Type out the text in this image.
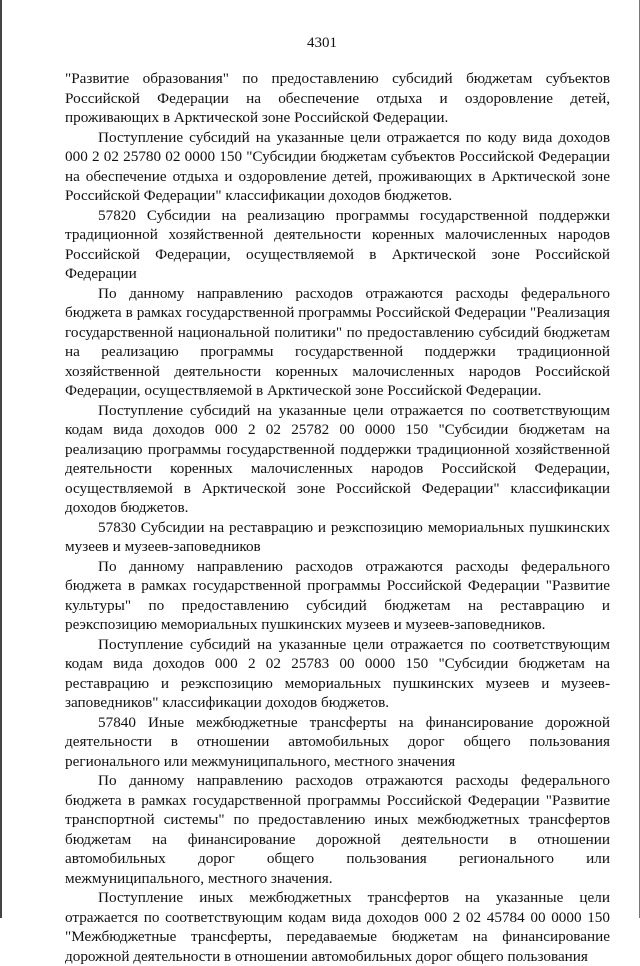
4301

"Развитие образования" по предоставлению субсидий бюджетам субъектов Российской Федерации на обеспечение отдыха и оздоровление детей, проживающих в Арктической зоне Российской Федерации.

Поступление субсидий на указанные цели отражается по коду вида доходов 000 2 02 25780 02 0000 150 "Субсидии бюджетам субъектов Российской Федерации на обеспечение отдыха и оздоровление детей, проживающих в Арктической зоне Российской Федерации" классификации доходов бюджетов.

57820 Субсидии на реализацию программы государственной поддержки традиционной хозяйственной деятельности коренных малочисленных народов Российской Федерации, осуществляемой в Арктической зоне Российской Федерации

По данному направлению расходов отражаются расходы федерального бюджета в рамках государственной программы Российской Федерации "Реализация государственной национальной политики" по предоставлению субсидий бюджетам на реализацию программы государственной поддержки традиционной хозяйственной деятельности коренных малочисленных народов Российской Федерации, осуществляемой в Арктической зоне Российской Федерации.

Поступление субсидий на указанные цели отражается по соответствующим кодам вида доходов 000 2 02 25782 00 0000 150 "Субсидии бюджетам на реализацию программы государственной поддержки традиционной хозяйственной деятельности коренных малочисленных народов Российской Федерации, осуществляемой в Арктической зоне Российской Федерации" классификации доходов бюджетов.

57830 Субсидии на реставрацию и реэкспозицию мемориальных пушкинских музеев и музеев-заповедников

По данному направлению расходов отражаются расходы федерального бюджета в рамках государственной программы Российской Федерации "Развитие культуры" по предоставлению субсидий бюджетам на реставрацию и реэкспозицию мемориальных пушкинских музеев и музеев-заповедников.

Поступление субсидий на указанные цели отражается по соответствующим кодам вида доходов 000 2 02 25783 00 0000 150 "Субсидии бюджетам на реставрацию и реэкспозицию мемориальных пушкинских музеев и музеев-заповедников" классификации доходов бюджетов.

57840 Иные межбюджетные трансферты на финансирование дорожной деятельности в отношении автомобильных дорог общего пользования регионального или межмуниципального, местного значения

По данному направлению расходов отражаются расходы федерального бюджета в рамках государственной программы Российской Федерации "Развитие транспортной системы" по предоставлению иных межбюджетных трансфертов бюджетам на финансирование дорожной деятельности в отношении автомобильных дорог общего пользования регионального или межмуниципального, местного значения.

Поступление иных межбюджетных трансфертов на указанные цели отражается по соответствующим кодам вида доходов 000 2 02 45784 00 0000 150 "Межбюджетные трансферты, передаваемые бюджетам на финансирование дорожной деятельности в отношении автомобильных дорог общего пользования
